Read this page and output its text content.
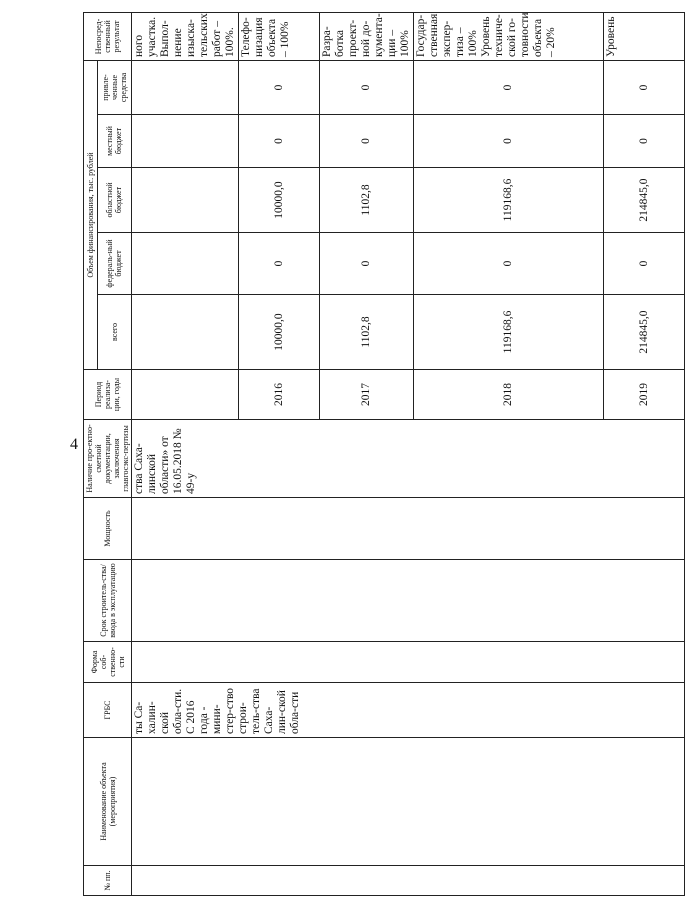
4
№ пп.	Наименование объекта (мероприятия)	ГРБС	Форма соб-ственно-сти	Срок строитель-ства/ввода в эксплуатацию	Мощность	Наличие про-ектно-сметной документации, заключения главгосэкс-пертизы	Период реализа-ции, годы	Объем финансирования, тыс. рублей					Непосред-ственный результат
								всего	федераль-ный бюджет	областной бюджет	местный бюджет	привле-ченные средства	
		ты Са-халин-ской обла-сти. С 2016 года - мини-стер-ство строи-тель-ства Саха-лин-ской обла-сти				ства Саха-линской области» от 16.05.2018 № 49-у							ного участка. Выпол-нение изыска-тельских работ – 100%.
							2016	10000,0	0	10000,0	0	0	Телефо-низация объекта – 100%
							2017	1102,8	0	1102,8	0	0	Разра-ботка проект-ной до-кумента-ции – 100%
							2018	119168,6	0	119168,6	0	0	Государ-ственная экспер-тиза – 100% Уровень техниче-ской го-товности объекта – 20%
							2019	214845,0	0	214845,0	0	0	Уровень
